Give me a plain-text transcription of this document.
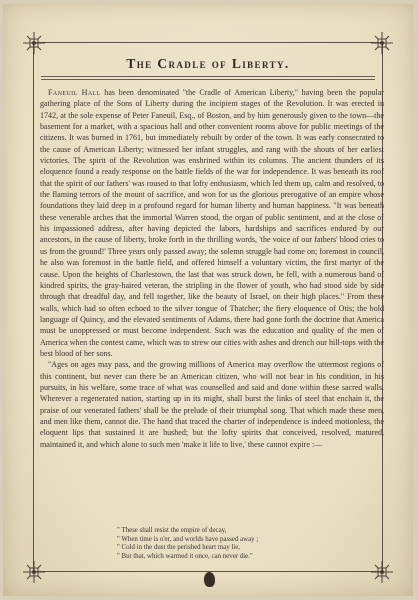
The Cradle of Liberty.

Faneuil Hall has been denominated "the Cradle of American Liberty," having been the popular gathering place of the Sons of Liberty during the incipient stages of the Revolution. It was erected in 1742, at the sole expense of Peter Faneuil, Esq., of Boston, and by him generously given to the town—the basement for a market, with a spacious hall and other convenient rooms above for public meetings of the citizens. It was burned in 1761, but immediately rebuilt by order of the town. It was early consecrated to the cause of American Liberty; witnessed her infant struggles, and rang with the shouts of her earliest victories. The spirit of the Revolution was enshrined within its columns. The ancient thunders of its eloquence found a ready response on the battle fields of the war for independence. It was beneath its roof that the spirit of our fathers' was roused to that lofty enthusiasm, which led them up, calm and resolved, to the flaming terrors of the mount of sacrifice, and won for us the glorious prerogative of an empire whose foundations they laid deep in a profound regard for human liberty and human happiness. "It was beneath these venerable arches that the immortal Warren stood, the organ of public sentiment, and at the close of his impassioned address, after having depicted the labors, hardships and sacrifices endured by our ancestors, in the cause of liberty, broke forth in the thrilling words, 'the voice of our fathers' blood cries to us from the ground!' Three years only passed away; the solemn struggle had come on; foremost in council, he also was foremost in the battle field, and offered himself a voluntary victim, the first martyr of the cause. Upon the heights of Charlestown, the last that was struck down, he fell, with a numerous band of kindred spirits, the gray-haired veteran, the stripling in the flower of youth, who had stood side by side through that dreadful day, and fell together, like the beauty of Israel, on their high places." From these walls, which had so often echoed to the silver tongue of Thatcher; the fiery eloquence of Otis; the bold language of Quincy, and the elevated sentiments of Adams, there had gone forth the doctrine that America must be unoppressed or must become independent. Such was the education and quality of the men of America when the contest came, which was to strew our cities with ashes and drench our hill-tops with the best blood of her sons.

"Ages on ages may pass, and the growing millions of America may overflow the uttermost regions of this continent, but never can there be an American citizen, who will not bear in his condition, in his pursuits, in his welfare, some trace of what was counselled and said and done within these sacred walls. Wherever a regenerated nation, starting up in its might, shall burst the links of steel that enchain it, the praise of our venerated fathers' shall be the prelude of their triumphal song. That which made these men, and men like them, cannot die. The hand that traced the charter of independence is indeed motionless, the eloquent lips that sustained it are hushed; but the lofty spirits that conceived, resolved, matured, maintained it, and which alone to such men 'make it life to live,' these cannot expire :—

" These shall resist the empire of decay,
" When time is o'er, and worlds have passed away ;
" Cold in the dust the perished heart may lie,
" But that, which warmed it once, can never die."
